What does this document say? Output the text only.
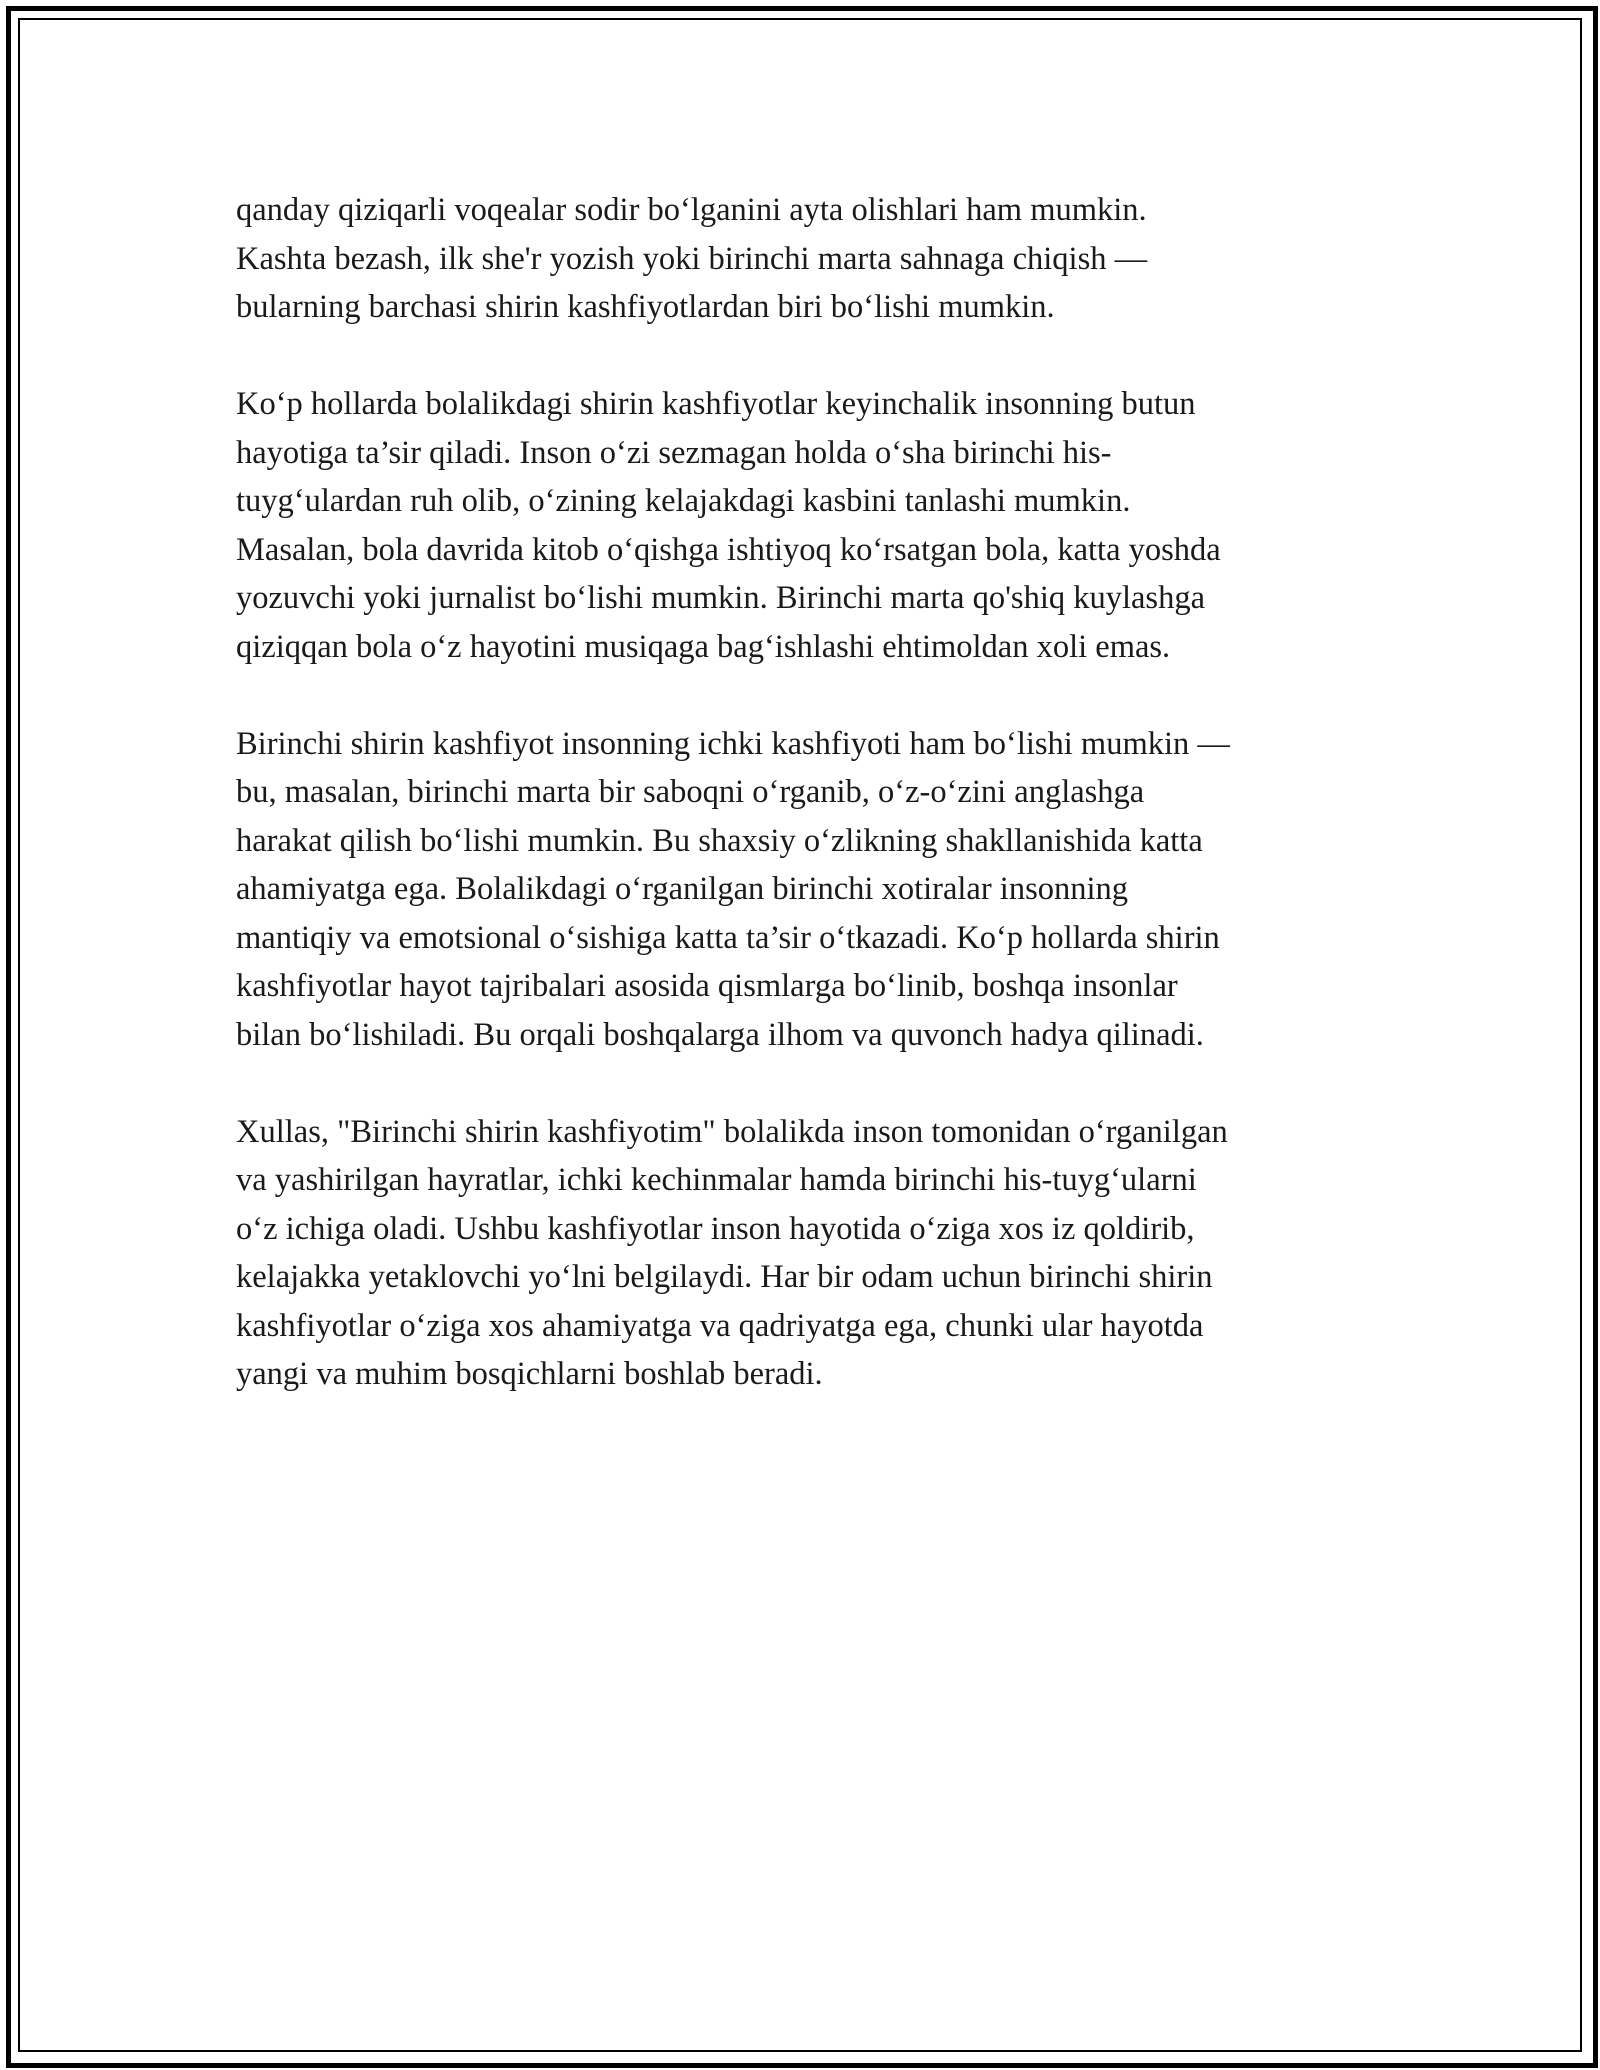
qanday qiziqarli voqealar sodir boʻlganini ayta olishlari ham mumkin.
Kashta bezash, ilk she'r yozish yoki birinchi marta sahnaga chiqish —
bularning barchasi shirin kashfiyotlardan biri boʻlishi mumkin.

Koʻp hollarda bolalikdagi shirin kashfiyotlar keyinchalik insonning butun
hayotiga ta’sir qiladi. Inson oʻzi sezmagan holda oʻsha birinchi his-
tuygʻulardan ruh olib, oʻzining kelajakdagi kasbini tanlashi mumkin.
Masalan, bola davrida kitob oʻqishga ishtiyoq koʻrsatgan bola, katta yoshda
yozuvchi yoki jurnalist boʻlishi mumkin. Birinchi marta qo'shiq kuylashga
qiziqqan bola oʻz hayotini musiqaga bagʻishlashi ehtimoldan xoli emas.

Birinchi shirin kashfiyot insonning ichki kashfiyoti ham boʻlishi mumkin —
bu, masalan, birinchi marta bir saboqni oʻrganib, oʻz-oʻzini anglashga
harakat qilish boʻlishi mumkin. Bu shaxsiy oʻzlikning shakllanishida katta
ahamiyatga ega. Bolalikdagi oʻrganilgan birinchi xotiralar insonning
mantiqiy va emotsional oʻsishiga katta ta’sir oʻtkazadi. Koʻp hollarda shirin
kashfiyotlar hayot tajribalari asosida qismlarga boʻlinib, boshqa insonlar
bilan boʻlishiladi. Bu orqali boshqalarga ilhom va quvonch hadya qilinadi.

Xullas, "Birinchi shirin kashfiyotim" bolalikda inson tomonidan oʻrganilgan
va yashirilgan hayratlar, ichki kechinmalar hamda birinchi his-tuygʻularni
oʻz ichiga oladi. Ushbu kashfiyotlar inson hayotida oʻziga xos iz qoldirib,
kelajakka yetaklovchi yoʻlni belgilaydi. Har bir odam uchun birinchi shirin
kashfiyotlar oʻziga xos ahamiyatga va qadriyatga ega, chunki ular hayotda
yangi va muhim bosqichlarni boshlab beradi.
